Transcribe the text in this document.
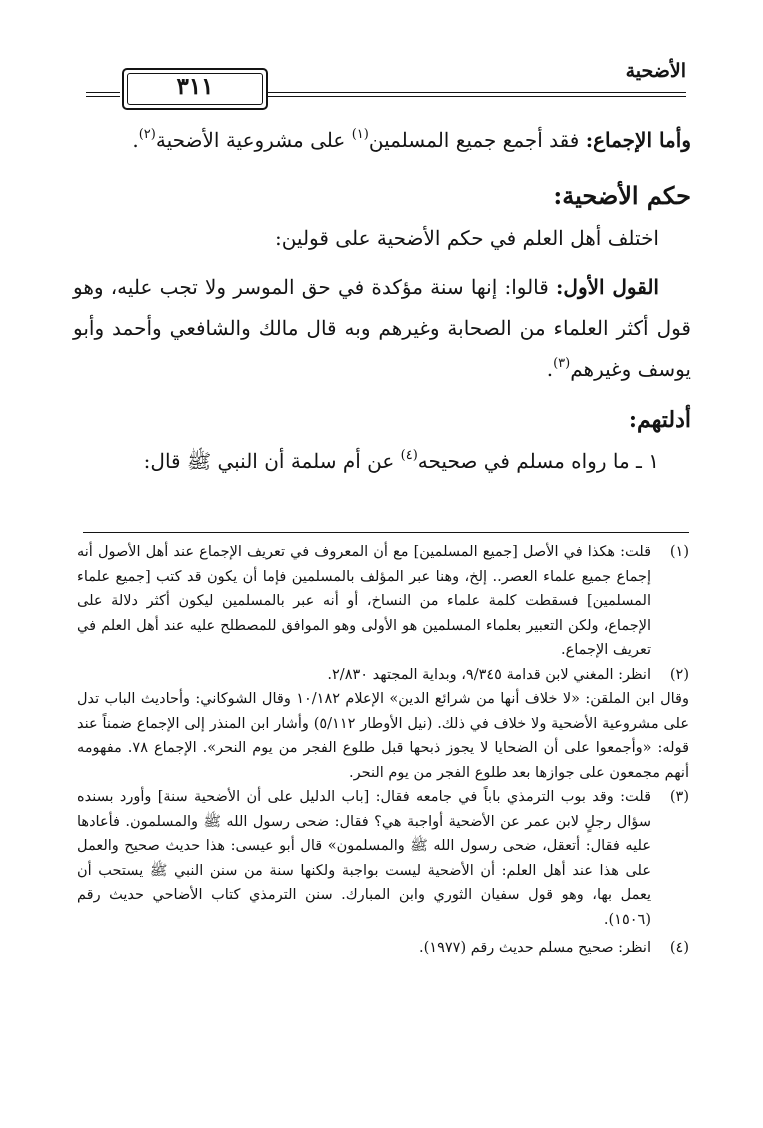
الأضحية
٣١١

وأما الإجماع: فقد أجمع جميع المسلمين$^{(١)}$ على مشروعية الأضحية$^{(٢)}$.

حكم الأضحية:

اختلف أهل العلم في حكم الأضحية على قولين:

القول الأول: قالوا: إنها سنة مؤكدة في حق الموسر ولا تجب عليه، وهو قول أكثر العلماء من الصحابة وغيرهم وبه قال مالك والشافعي وأحمد وأبو يوسف وغيرهم$^{(٣)}$.

أدلتهم:

١ ـ ما رواه مسلم في صحيحه$^{(٤)}$ عن أم سلمة أن النبي ﷺ قال:

(١)

قلت: هكذا في الأصل [جميع المسلمين] مع أن المعروف في تعريف الإجماع عند أهل الأصول أنه إجماع جميع علماء العصر.. إلخ، وهنا عبر المؤلف بالمسلمين فإما أن يكون قد كتب [جميع علماء المسلمين] فسقطت كلمة علماء من النساخ، أو أنه عبر بالمسلمين ليكون أكثر دلالة على الإجماع، ولكن التعبير بعلماء المسلمين هو الأولى وهو الموافق للمصطلح عليه عند أهل العلم في تعريف الإجماع.

(٢)

انظر: المغني لابن قدامة ٩/٣٤٥، وبداية المجتهد ٢/٨٣٠.

وقال ابن الملقن: «لا خلاف أنها من شرائع الدين» الإعلام ١٠/١٨٢ وقال الشوكاني: وأحاديث الباب تدل على مشروعية الأضحية ولا خلاف في ذلك. (نيل الأوطار ٥/١١٢) وأشار ابن المنذر إلى الإجماع ضمناً عند قوله: «وأجمعوا على أن الضحايا لا يجوز ذبحها قبل طلوع الفجر من يوم النحر». الإجماع ٧٨. مفهومه أنهم مجمعون على جوازها بعد طلوع الفجر من يوم النحر.

(٣)

قلت: وقد بوب الترمذي باباً في جامعه فقال: [باب الدليل على أن الأضحية سنة] وأورد بسنده سؤال رجلٍ لابن عمر عن الأضحية أواجبة هي؟ فقال: ضحى رسول الله ﷺ والمسلمون. فأعادها عليه فقال: أتعقل، ضحى رسول الله ﷺ والمسلمون» قال أبو عيسى: هذا حديث صحيح والعمل على هذا عند أهل العلم: أن الأضحية ليست بواجبة ولكنها سنة من سنن النبي ﷺ يستحب أن يعمل بها، وهو قول سفيان الثوري وابن المبارك. سنن الترمذي كتاب الأضاحي حديث رقم (١٥٠٦).

(٤)

انظر: صحيح مسلم حديث رقم (١٩٧٧).
